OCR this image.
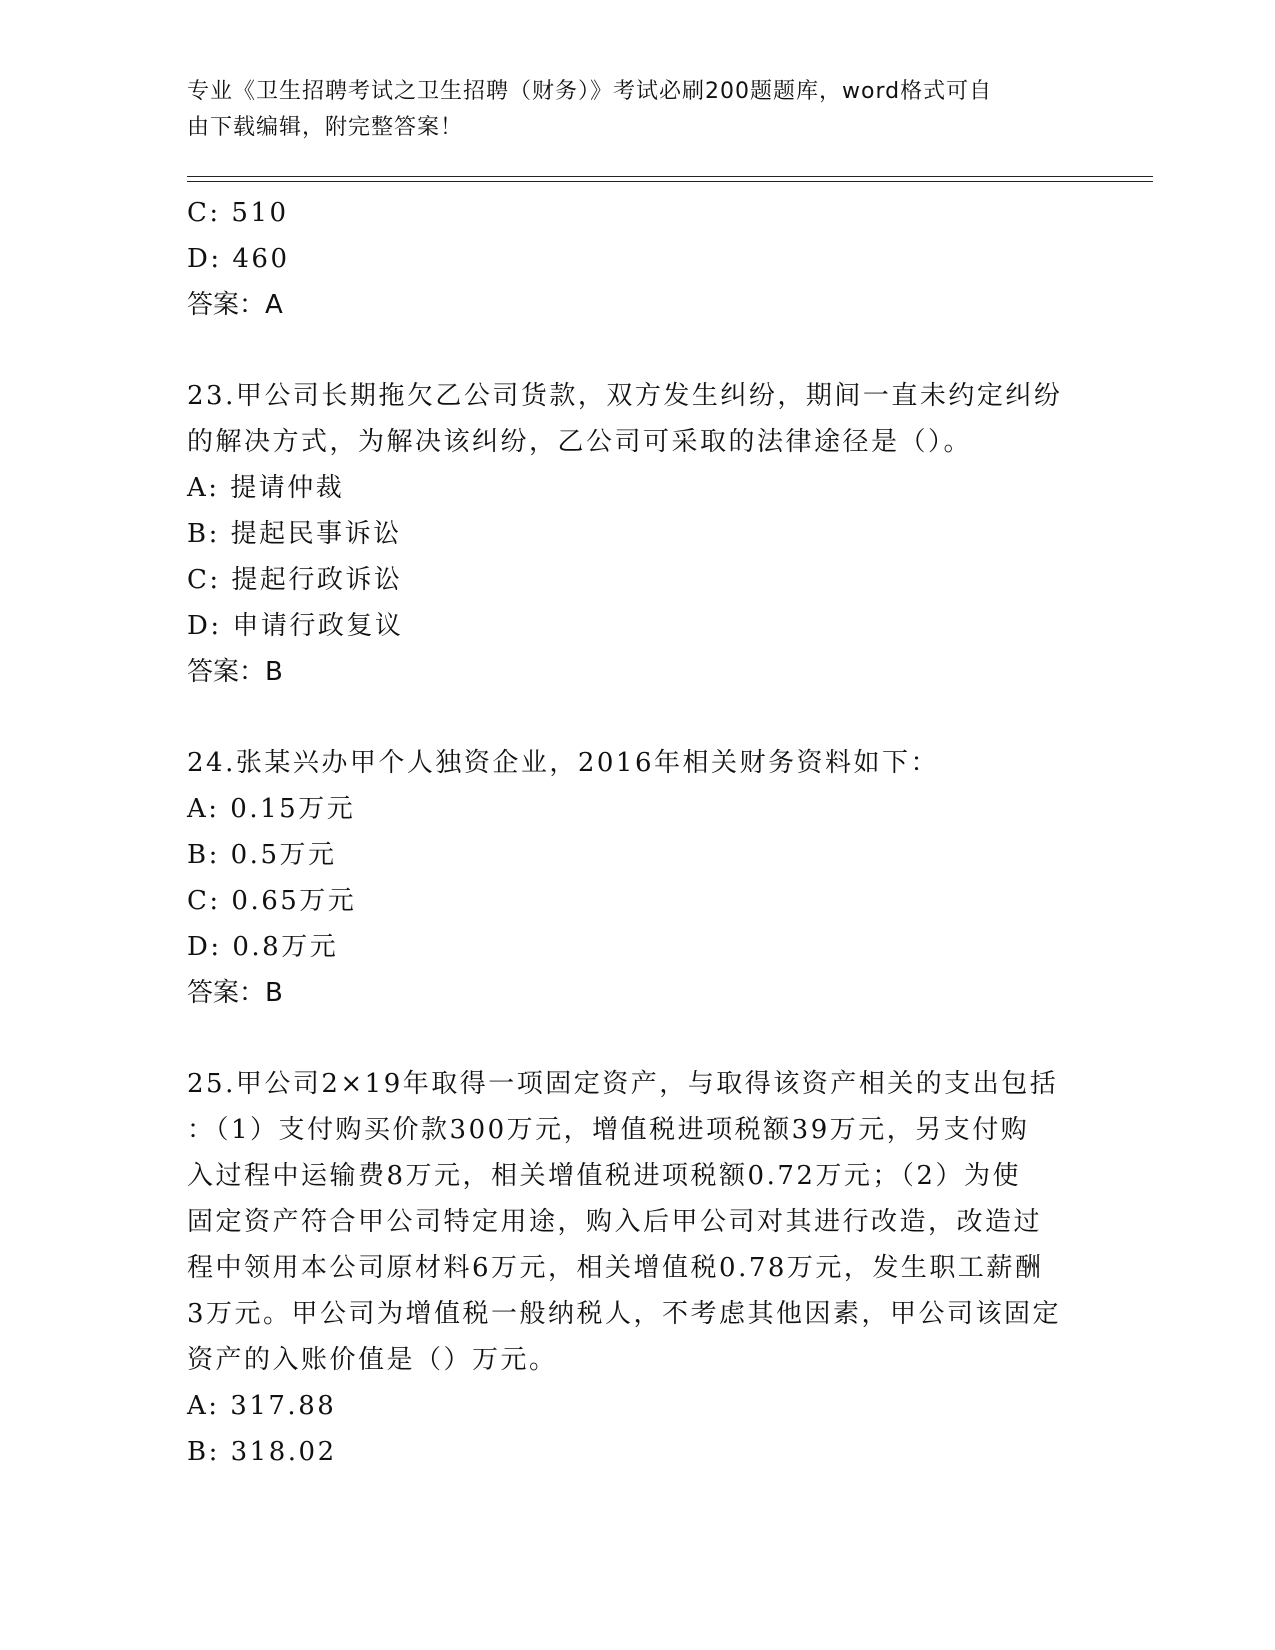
专业《卫生招聘考试之卫生招聘（财务）》考试必刷200题题库，word格式可自
由下载编辑，附完整答案！
C: 510
D: 460
答案：A
23.甲公司长期拖欠乙公司货款，双方发生纠纷，期间一直未约定纠纷
的解决方式，为解决该纠纷，乙公司可采取的法律途径是（）。
A: 提请仲裁
B: 提起民事诉讼
C: 提起行政诉讼
D: 申请行政复议
答案：B
24.张某兴办甲个人独资企业，2016年相关财务资料如下：
A: 0.15万元
B: 0.5万元
C: 0.65万元
D: 0.8万元
答案：B
25.甲公司2×19年取得一项固定资产，与取得该资产相关的支出包括
：（1）支付购买价款300万元，增值税进项税额39万元，另支付购
入过程中运输费8万元，相关增值税进项税额0.72万元；（2）为使
固定资产符合甲公司特定用途，购入后甲公司对其进行改造，改造过
程中领用本公司原材料6万元，相关增值税0.78万元，发生职工薪酬
3万元。甲公司为增值税一般纳税人，不考虑其他因素，甲公司该固定
资产的入账价值是（）万元。
A: 317.88
B: 318.02
